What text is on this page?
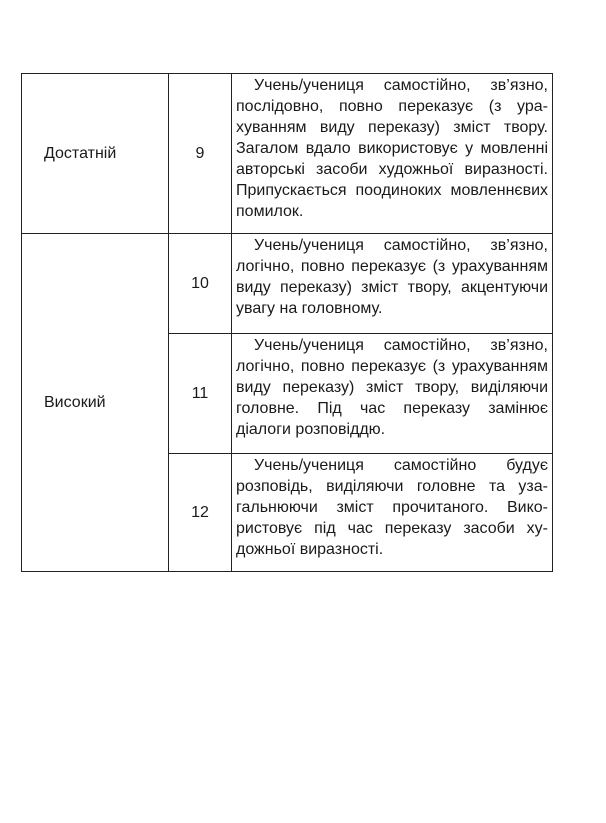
Достатній	9	Учень/учениця самостійно, зв’язно, послідовно, повно переказує (з урахуванням виду переказу) зміст твору. Загалом вдало використовує у мовленні авторські засоби художньої виразності. Припускається поодиноких мовленнєвих помилок.
Високий	10	Учень/учениця самостійно, зв’язно, логічно, повно переказує (з урахуванням виду переказу) зміст твору, акцентуючи увагу на головному.
	11	Учень/учениця самостійно, зв’язно, логічно, повно переказує (з урахуванням виду переказу) зміст твору, виділяючи головне. Під час переказу замінює діалоги розповіддю.
	12	Учень/учениця самостійно будує розповідь, виділяючи головне та узагальнюючи зміст прочитаного. Використовує під час переказу засоби художньої виразності.
